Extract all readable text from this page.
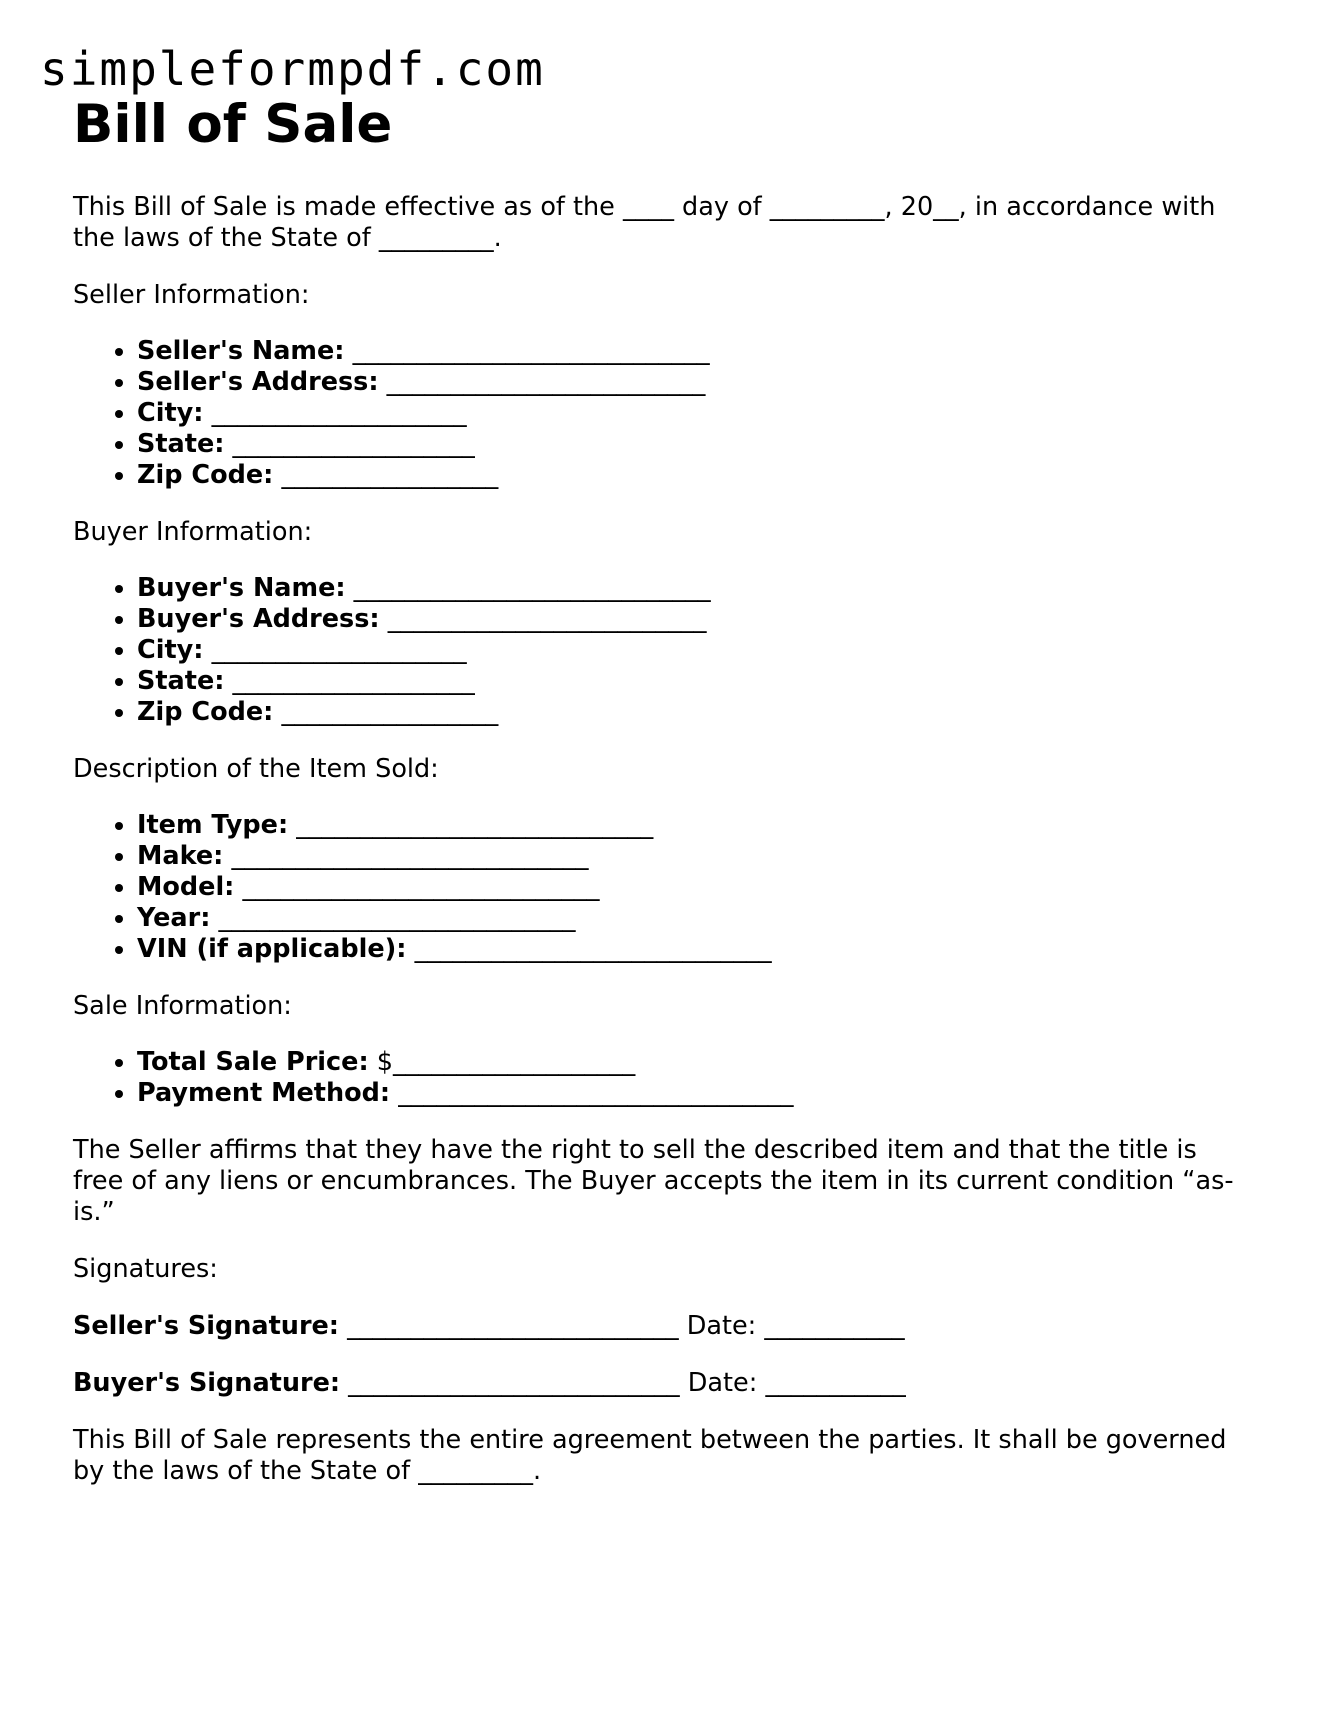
simpleformpdf.com
Bill of Sale

This Bill of Sale is made effective as of the ____ day of _________, 20__, in accordance with the laws of the State of _________.

Seller Information:

• Seller's Name: ____________________________
• Seller's Address: _________________________
• City: ____________________
• State: ___________________
• Zip Code: _________________

Buyer Information:

• Buyer's Name: ____________________________
• Buyer's Address: _________________________
• City: ____________________
• State: ___________________
• Zip Code: _________________

Description of the Item Sold:

• Item Type: ____________________________
• Make: ____________________________
• Model: ____________________________
• Year: ____________________________
• VIN (if applicable): ____________________________

Sale Information:

• Total Sale Price: $___________________
• Payment Method: _______________________________

The Seller affirms that they have the right to sell the described item and that the title is free of any liens or encumbrances. The Buyer accepts the item in its current condition “as-is.”

Signatures:

Seller's Signature: __________________________ Date: ___________

Buyer's Signature: __________________________ Date: ___________

This Bill of Sale represents the entire agreement between the parties. It shall be governed by the laws of the State of _________.
